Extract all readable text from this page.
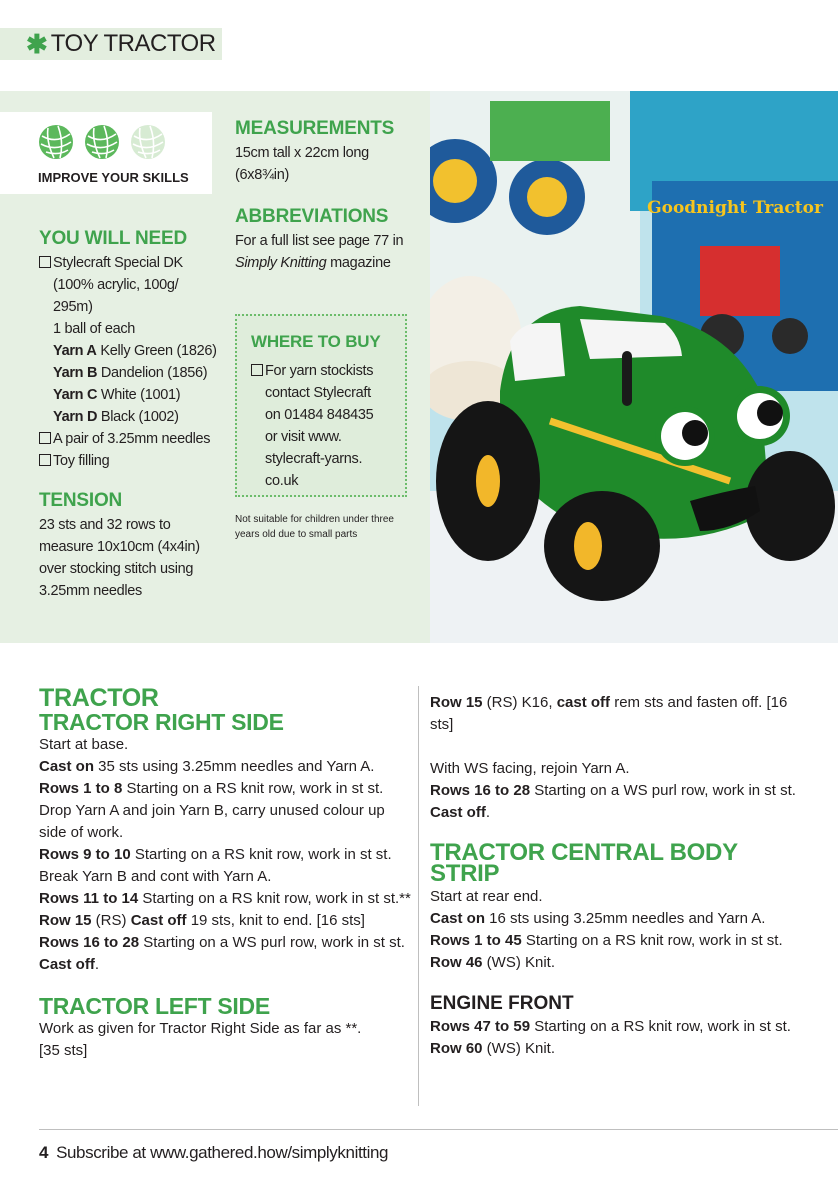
✱ TOY TRACTOR
IMPROVE YOUR SKILLS
MEASUREMENTS
15cm tall x 22cm long
(6x8¾in)
ABBREVIATIONS
For a full list see page 77 in
Simply Knitting magazine
WHERE TO BUY
For yarn stockists
contact Stylecraft
on 01484 848435
or visit www.
stylecraft-yarns.
co.uk
Not suitable for children under three
years old due to small parts
YOU WILL NEED
Stylecraft Special DK
(100% acrylic, 100g/
295m)
1 ball of each
Yarn A Kelly Green (1826)
Yarn B Dandelion (1856)
Yarn C White (1001)
Yarn D Black (1002)
A pair of 3.25mm needles
Toy filling
TENSION
23 sts and 32 rows to
measure 10x10cm (4x4in)
over stocking stitch using
3.25mm needles
Goodnight Tractor
TRACTOR
TRACTOR RIGHT SIDE
Start at base.
Cast on 35 sts using 3.25mm needles and Yarn A.
Rows 1 to 8 Starting on a RS knit row, work in st st. Drop Yarn A and join Yarn B, carry unused colour up side of work.
Rows 9 to 10 Starting on a RS knit row, work in st st. Break Yarn B and cont with Yarn A.
Rows 11 to 14 Starting on a RS knit row, work in st st.**
Row 15 (RS) Cast off 19 sts, knit to end. [16 sts]
Rows 16 to 28 Starting on a WS purl row, work in st st.
Cast off.
TRACTOR LEFT SIDE
Work as given for Tractor Right Side as far as **.
[35 sts]
Row 15 (RS) K16, cast off rem sts and fasten off. [16 sts]
With WS facing, rejoin Yarn A.
Rows 16 to 28 Starting on a WS purl row, work in st st.
Cast off.
TRACTOR CENTRAL BODY STRIP
Start at rear end.
Cast on 16 sts using 3.25mm needles and Yarn A.
Rows 1 to 45 Starting on a RS knit row, work in st st.
Row 46 (WS) Knit.
ENGINE FRONT
Rows 47 to 59 Starting on a RS knit row, work in st st.
Row 60 (WS) Knit.
4 Subscribe at www.gathered.how/simplyknitting
